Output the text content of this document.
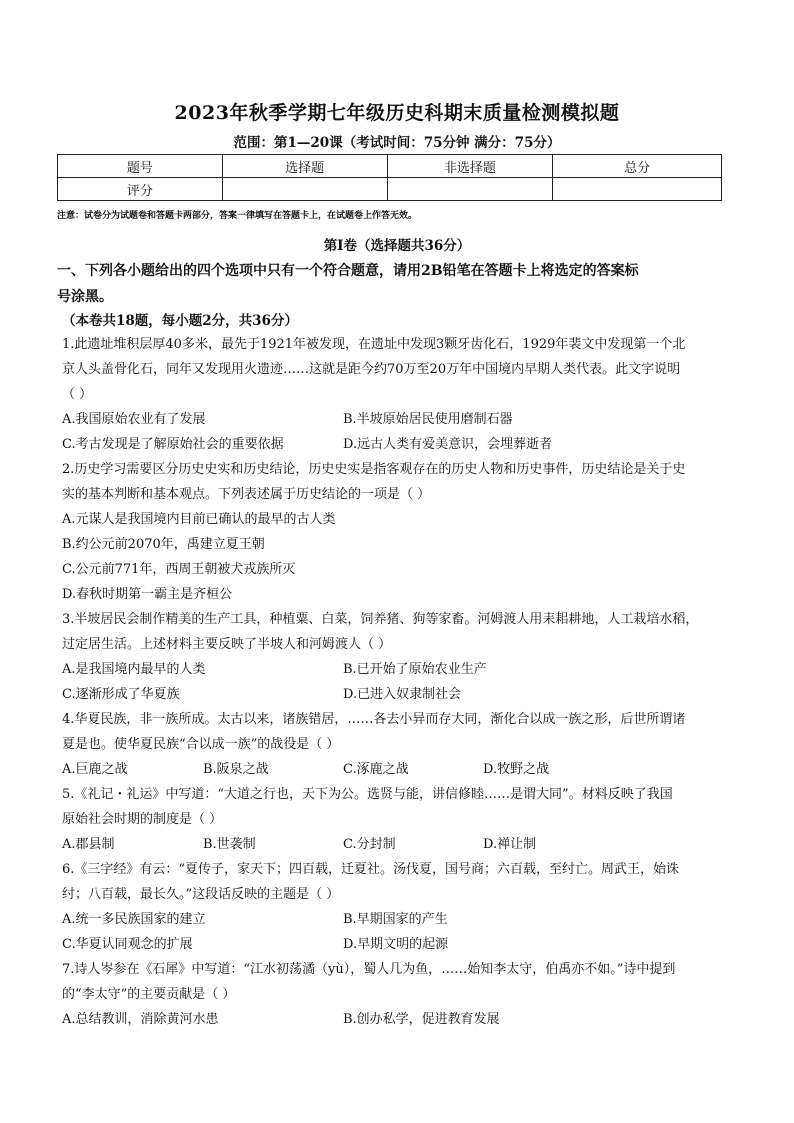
2023年秋季学期七年级历史科期末质量检测模拟题
范围：第1—20课（考试时间：75分钟 满分：75分）
题号	选择题	非选择题	总分
评分			
注意：试卷分为试题卷和答题卡两部分，答案一律填写在答题卡上，在试题卷上作答无效。
第Ⅰ卷（选择题共36分）
一、下列各小题给出的四个选项中只有一个符合题意，请用2B铅笔在答题卡上将选定的答案标
号涂黑。
（本卷共18题，每小题2分，共36分）
1.此遗址堆积层厚40多米，最先于1921年被发现，在遗址中发现3颗牙齿化石，1929年裴文中发现第一个北
京人头盖骨化石，同年又发现用火遗迹……这就是距今约70万至20万年中国境内早期人类代表。此文字说明
（ ）
A.我国原始农业有了发展	B.半坡原始居民使用磨制石器
C.考古发现是了解原始社会的重要依据	D.远古人类有爱美意识，会埋葬逝者
2.历史学习需要区分历史史实和历史结论，历史史实是指客观存在的历史人物和历史事件，历史结论是关于史
实的基本判断和基本观点。下列表述属于历史结论的一项是（ ）
A.元谋人是我国境内目前已确认的最早的古人类
B.约公元前2070年，禹建立夏王朝
C.公元前771年，西周王朝被犬戎族所灭
D.春秋时期第一霸主是齐桓公
3.半坡居民会制作精美的生产工具，种植粟、白菜，饲养猪、狗等家畜。河姆渡人用耒耜耕地，人工栽培水稻，
过定居生活。上述材料主要反映了半坡人和河姆渡人（ ）
A.是我国境内最早的人类	B.已开始了原始农业生产
C.逐渐形成了华夏族	D.已进入奴隶制社会
4.华夏民族，非一族所成。太古以来，诸族错居，……各去小异而存大同，渐化合以成一族之形，后世所谓诸
夏是也。使华夏民族“合以成一族”的战役是（ ）
A.巨鹿之战	B.阪泉之战	C.涿鹿之战	D.牧野之战
5.《礼记・礼运》中写道：“大道之行也，天下为公。选贤与能，讲信修睦……是谓大同”。材料反映了我国
原始社会时期的制度是（ ）
A.郡县制	B.世袭制	C.分封制	D.禅让制
6.《三字经》有云：“夏传子，家天下；四百载，迁夏社。汤伐夏，国号商；六百载，至纣亡。周武王，始诛
纣；八百载，最长久。”这段话反映的主题是（ ）
A.统一多民族国家的建立	B.早期国家的产生
C.华夏认同观念的扩展	D.早期文明的起源
7.诗人岑参在《石犀》中写道：“江水初荡潏（yù），蜀人几为鱼，……始知李太守，伯禹亦不如。”诗中提到
的“李太守”的主要贡献是（ ）
A.总结教训，消除黄河水患	B.创办私学，促进教育发展
